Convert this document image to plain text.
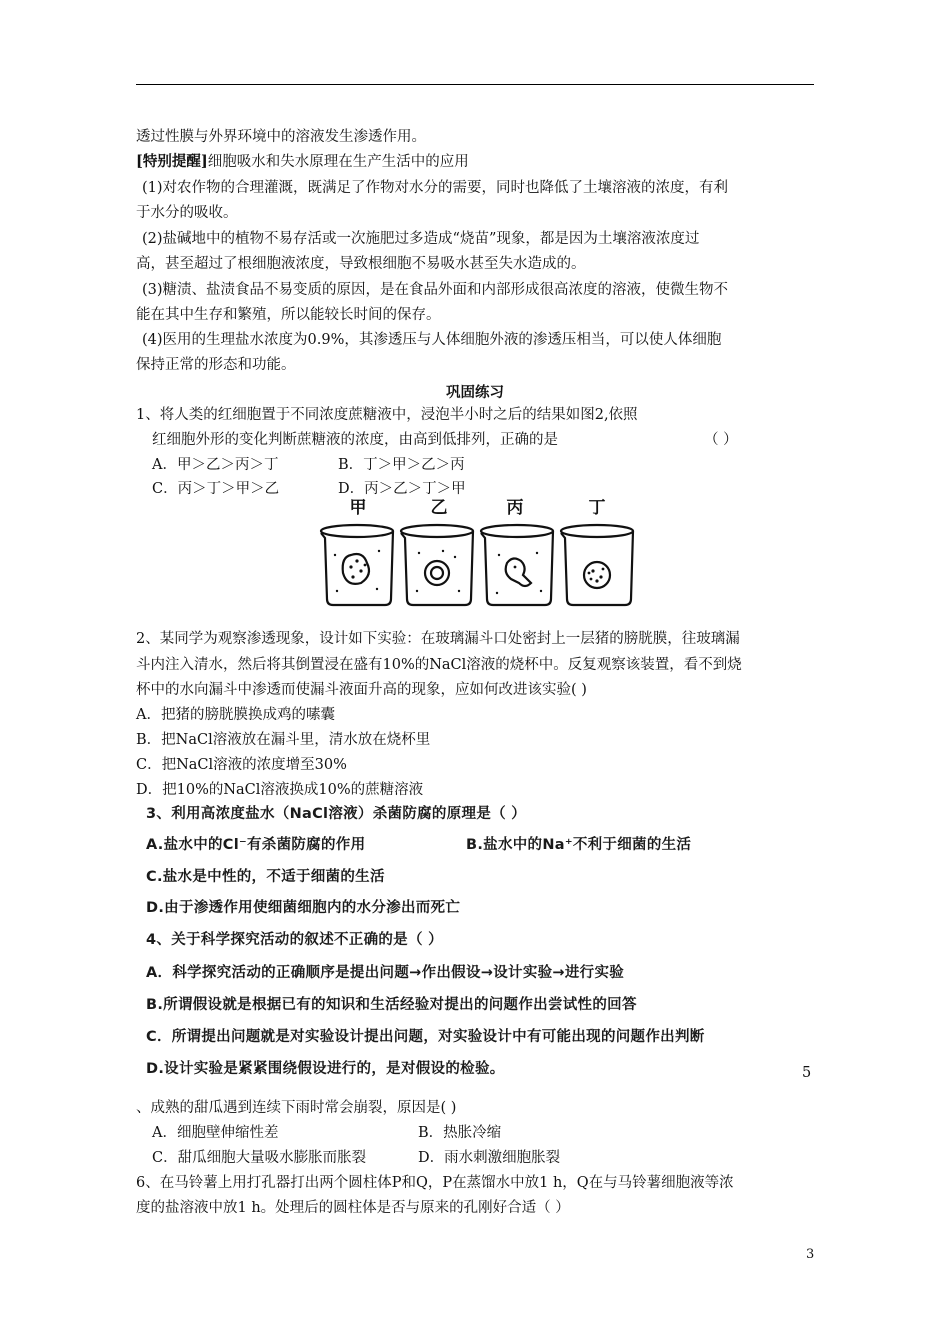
透过性膜与外界环境中的溶液发生渗透作用。
[特别提醒]细胞吸水和失水原理在生产生活中的应用
(1)对农作物的合理灌溉，既满足了作物对水分的需要，同时也降低了土壤溶液的浓度，有利
于水分的吸收。
(2)盐碱地中的植物不易存活或一次施肥过多造成“烧苗”现象，都是因为土壤溶液浓度过
高，甚至超过了根细胞液浓度，导致根细胞不易吸水甚至失水造成的。
(3)糖渍、盐渍食品不易变质的原因，是在食品外面和内部形成很高浓度的溶液，使微生物不
能在其中生存和繁殖，所以能较长时间的保存。
(4)医用的生理盐水浓度为0.9%，其渗透压与人体细胞外液的渗透压相当，可以使人体细胞
保持正常的形态和功能。
巩固练习
1、将人类的红细胞置于不同浓度蔗糖液中，浸泡半小时之后的结果如图2,依照
红细胞外形的变化判断蔗糖液的浓度，由高到低排列，正确的是	（ ）
A．甲＞乙＞丙＞丁	B．丁＞甲＞乙＞丙
C．丙＞丁＞甲＞乙	D．丙＞乙＞丁＞甲
甲	乙	丙	丁
2、某同学为观察渗透现象，设计如下实验：在玻璃漏斗口处密封上一层猪的膀胱膜，往玻璃漏
斗内注入清水，然后将其倒置浸在盛有10%的NaCl溶液的烧杯中。反复观察该装置，看不到烧
杯中的水向漏斗中渗透而使漏斗液面升高的现象，应如何改进该实验( )
A．把猪的膀胱膜换成鸡的嗉囊
B．把NaCl溶液放在漏斗里，清水放在烧杯里
C．把NaCl溶液的浓度增至30%
D．把10%的NaCl溶液换成10%的蔗糖溶液
3、利用高浓度盐水（NaCl溶液）杀菌防腐的原理是（ ）
A.盐水中的Cl⁻有杀菌防腐的作用	B.盐水中的Na⁺不利于细菌的生活
C.盐水是中性的，不适于细菌的生活
D.由于渗透作用使细菌细胞内的水分渗出而死亡
4、关于科学探究活动的叙述不正确的是（ ）
A．科学探究活动的正确顺序是提出问题→作出假设→设计实验→进行实验
B.所谓假设就是根据已有的知识和生活经验对提出的问题作出尝试性的回答
C．所谓提出问题就是对实验设计提出问题，对实验设计中有可能出现的问题作出判断
D.设计实验是紧紧围绕假设进行的，是对假设的检验。	5
、成熟的甜瓜遇到连续下雨时常会崩裂，原因是( )
A．细胞壁伸缩性差	B．热胀冷缩
C．甜瓜细胞大量吸水膨胀而胀裂	D．雨水刺激细胞胀裂
6、在马铃薯上用打孔器打出两个圆柱体P和Q，P在蒸馏水中放1 h，Q在与马铃薯细胞液等浓
度的盐溶液中放1 h。处理后的圆柱体是否与原来的孔刚好合适（ ）
3
